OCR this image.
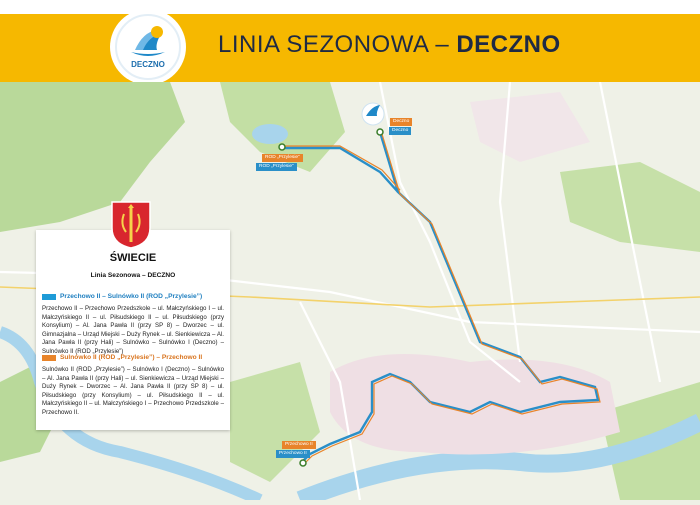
DECZNO
LINIA SEZONOWA – DECZNO
ROD „Przylesie”
ROD „Przylesie”
Deczno
Deczno
Przechowo II
Przechowo II
ŚWIECIE
Linia Sezonowa – DECZNO
Przechowo II – Sulnówko II (ROD „Przylesie”)
Przechowo II – Przechowo Przedszkole – ul. Małczyńskiego I – ul. Małczyńskiego II – ul. Piłsudskiego II – ul. Piłsudskiego (przy Konsylium) – Al. Jana Pawła II (przy SP 8) – Dworzec – ul. Gimnazjalna – Urząd Miejski – Duży Rynek – ul. Sienkiewicza – Al. Jana Pawła II (przy Hali) – Sulnówko – Sulnówko I (Deczno) – Sulnówko II (ROD „Przylesie”)
Sulnówko II (ROD „Przylesie”) – Przechowo II
Sulnówko II (ROD „Przylesie”) – Sulnówko I (Deczno) – Sulnówko – Al. Jana Pawła II (przy Hali) – ul. Sienkiewicza – Urząd Miejski – Duży Rynek – Dworzec – Al. Jana Pawła II (przy SP 8) – ul. Piłsudskiego (przy Konsylium) – ul. Piłsudskiego II – ul. Małczyńskiego II – ul. Małczyńskiego I – Przechowo Przedszkole – Przechowo II.
